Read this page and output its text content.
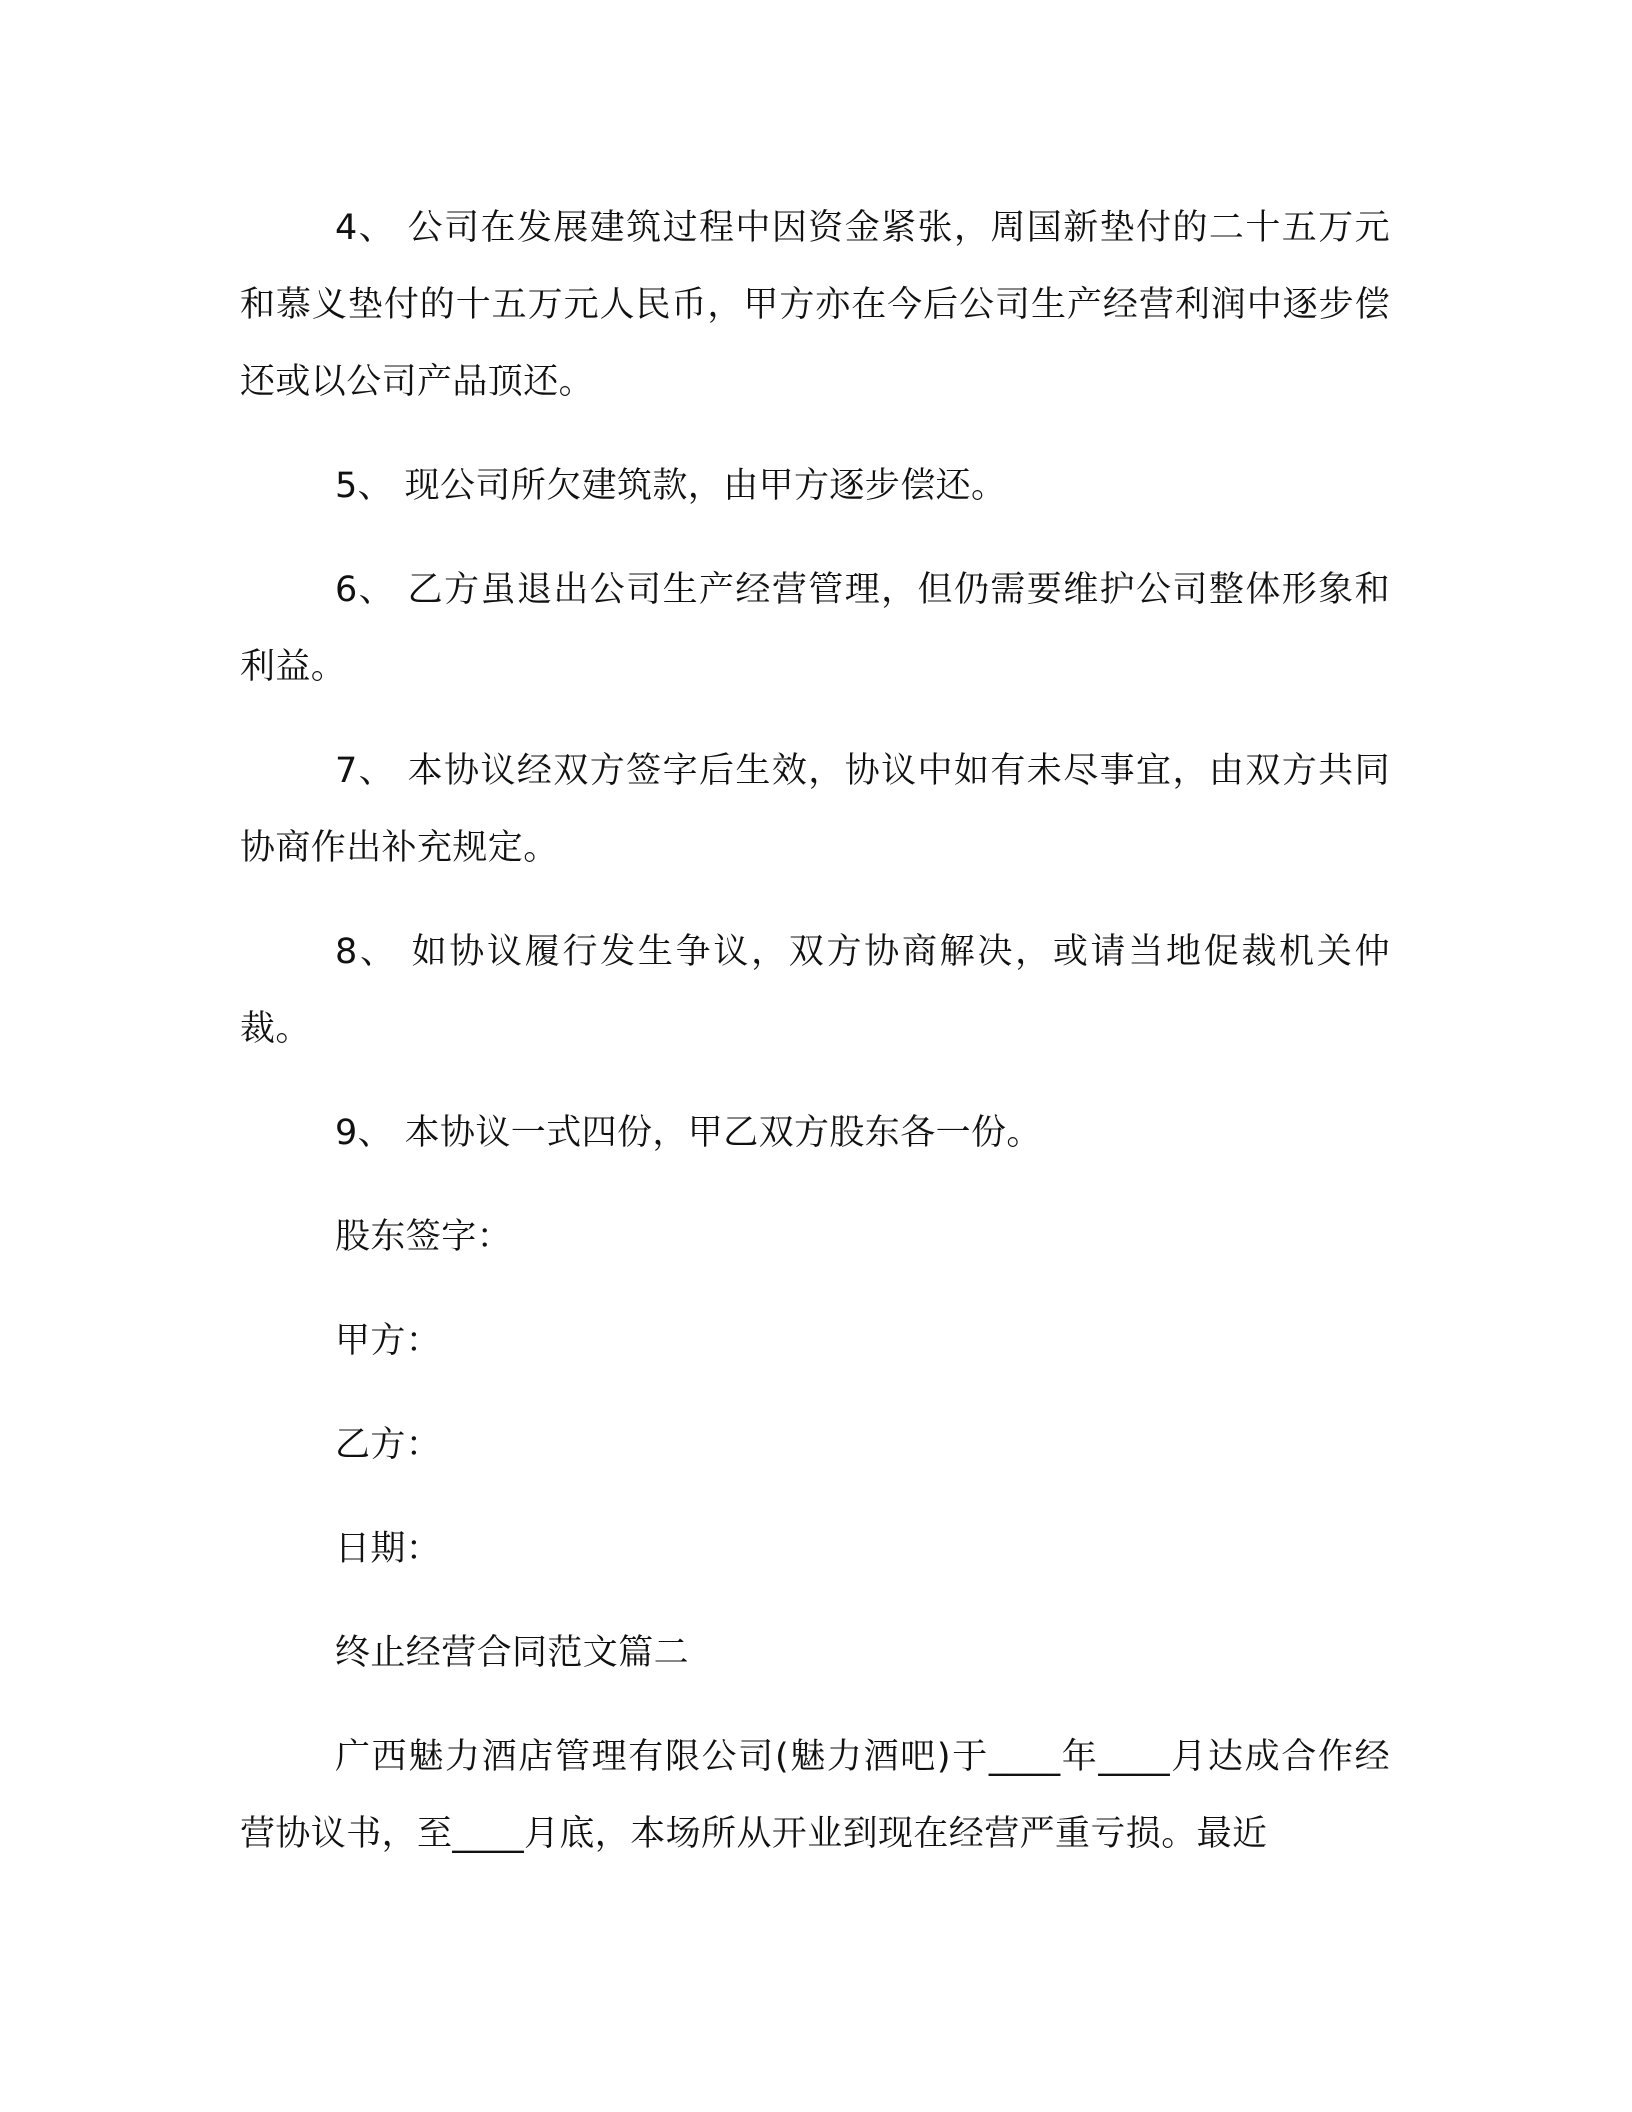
4、 公司在发展建筑过程中因资金紧张，周国新垫付的二十五万元和慕义垫付的十五万元人民币，甲方亦在今后公司生产经营利润中逐步偿还或以公司产品顶还。

5、 现公司所欠建筑款，由甲方逐步偿还。

6、 乙方虽退出公司生产经营管理，但仍需要维护公司整体形象和利益。

7、 本协议经双方签字后生效，协议中如有未尽事宜，由双方共同协商作出补充规定。

8、 如协议履行发生争议，双方协商解决，或请当地促裁机关仲裁。

9、 本协议一式四份，甲乙双方股东各一份。

股东签字：

甲方：

乙方：

日期：

终止经营合同范文篇二

广西魅力酒店管理有限公司(魅力酒吧)于____年____月达成合作经营协议书，至____月底，本场所从开业到现在经营严重亏损。最近
